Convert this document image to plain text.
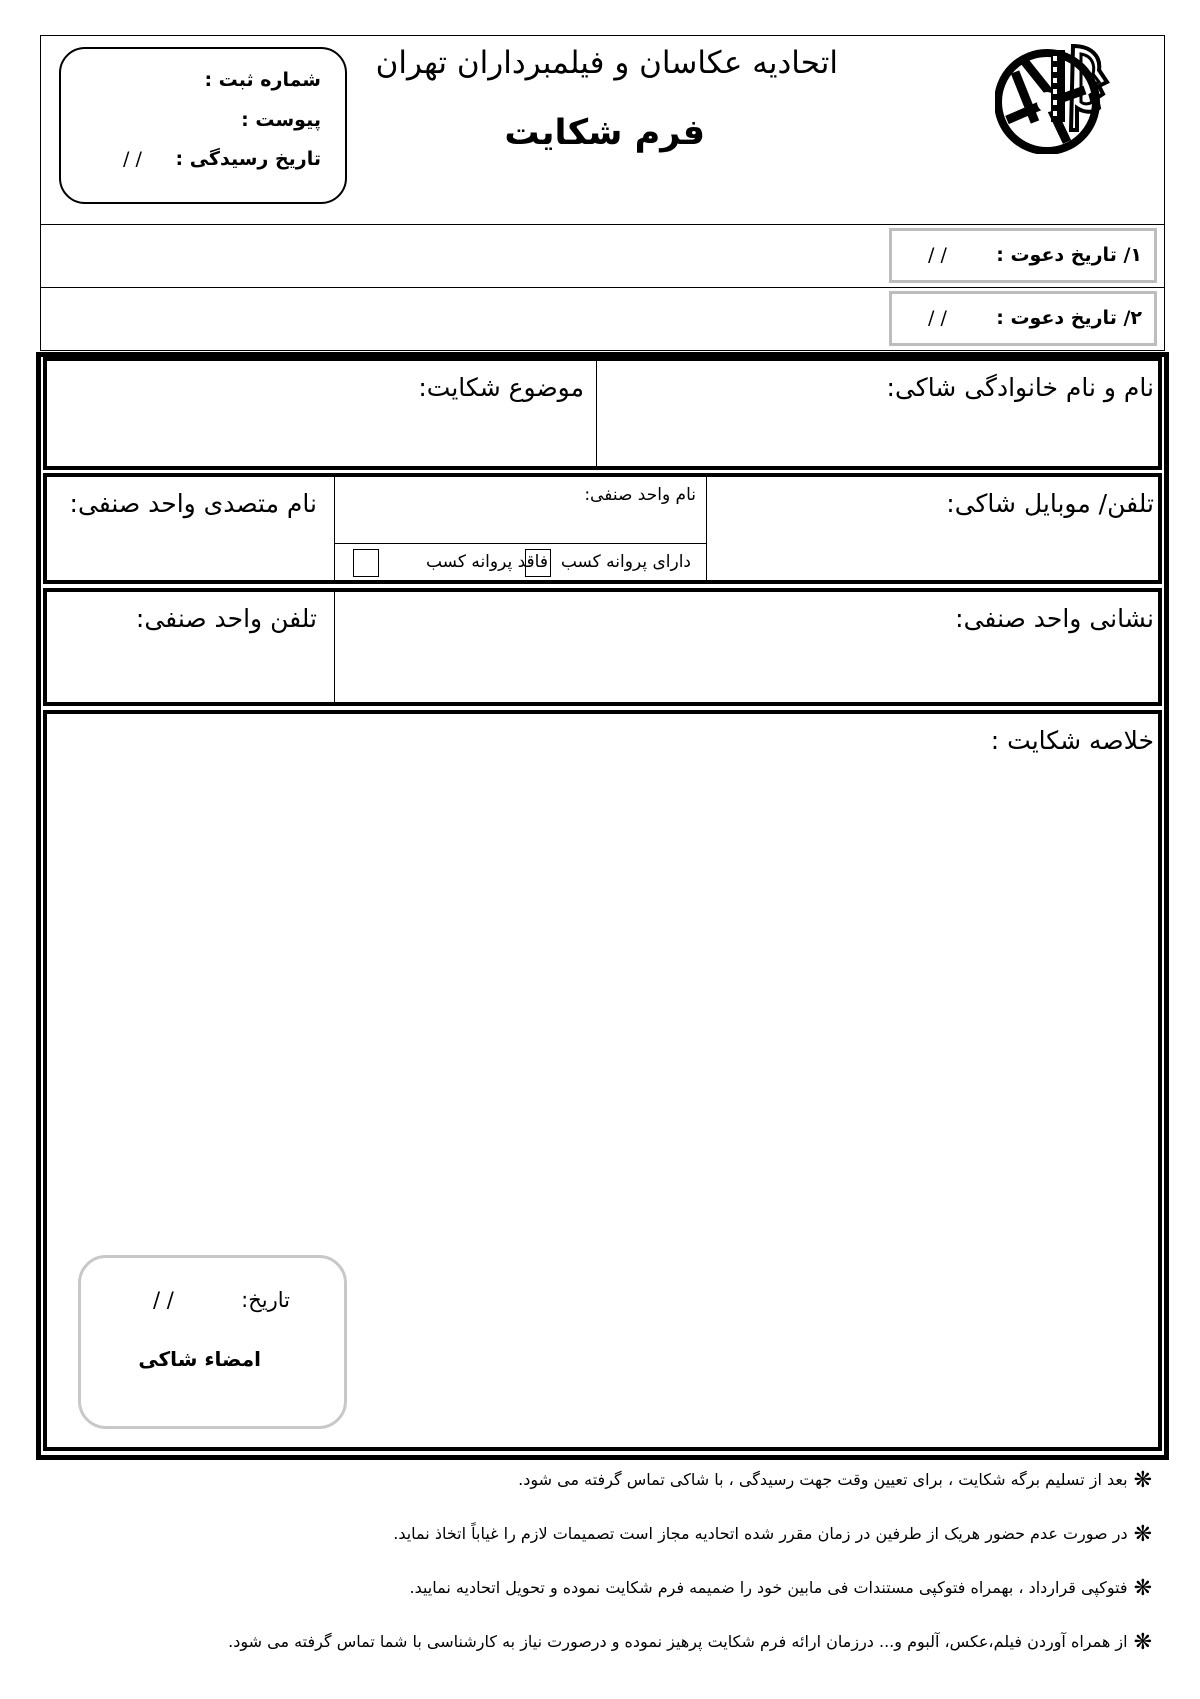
اتحادیه عکاسان و فیلمبرداران تهران
فرم شکایت
شماره ثبت :
پیوست :
تاریخ رسیدگی :
/ /
۱/ تاریخ دعوت :
/ /
۲/ تاریخ دعوت :
/ /
نام و نام خانوادگی شاکی:
موضوع شکایت:
تلفن/ موبایل شاکی:
نام واحد صنفی:
دارای پروانه کسب
فاقد پروانه کسب
نام متصدی واحد صنفی:
نشانی واحد صنفی:
تلفن واحد صنفی:
خلاصه شکایت :
تاریخ:
/ /
امضاء شاکی
❋بعد از تسلیم برگه شکایت ، برای تعیین وقت جهت رسیدگی ، با شاکی تماس گرفته می شود.
❋در صورت عدم حضور هریک از طرفین در زمان مقرر شده اتحادیه مجاز است تصمیمات لازم را غیاباً اتخاذ نماید.
❋فتوکپی قرارداد ، بهمراه فتوکپی مستندات فی مابین خود را ضمیمه فرم شکایت نموده و تحویل اتحادیه نمایید.
❋از همراه آوردن فیلم،عکس، آلبوم و... درزمان ارائه فرم شکایت پرهیز نموده و درصورت نیاز به کارشناسی با شما تماس گرفته می شود.
